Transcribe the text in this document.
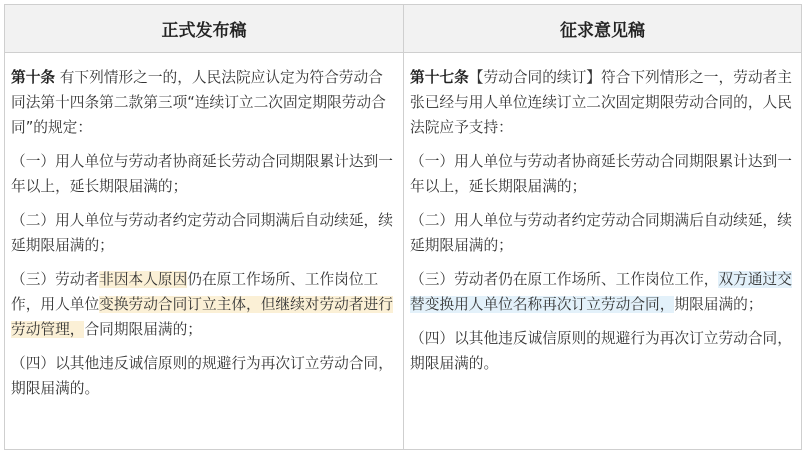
正式发布稿	征求意见稿

第十条 有下列情形之一的，人民法院应认定为符合劳动合同法第十四条第二款第三项“连续订立二次固定期限劳动合同”的规定：

（一）用人单位与劳动者协商延长劳动合同期限累计达到一年以上，延长期限届满的；

（二）用人单位与劳动者约定劳动合同期满后自动续延，续延期限届满的；

（三）劳动者非因本人原因仍在原工作场所、工作岗位工作，用人单位变换劳动合同订立主体，但继续对劳动者进行劳动管理，合同期限届满的；

（四）以其他违反诚信原则的规避行为再次订立劳动合同，期限届满的。

第十七条【劳动合同的续订】符合下列情形之一，劳动者主张已经与用人单位连续订立二次固定期限劳动合同的，人民法院应予支持：

（一）用人单位与劳动者协商延长劳动合同期限累计达到一年以上，延长期限届满的；

（二）用人单位与劳动者约定劳动合同期满后自动续延，续延期限届满的；

（三）劳动者仍在原工作场所、工作岗位工作，双方通过交替变换用人单位名称再次订立劳动合同，期限届满的；

（四）以其他违反诚信原则的规避行为再次订立劳动合同，期限届满的。
